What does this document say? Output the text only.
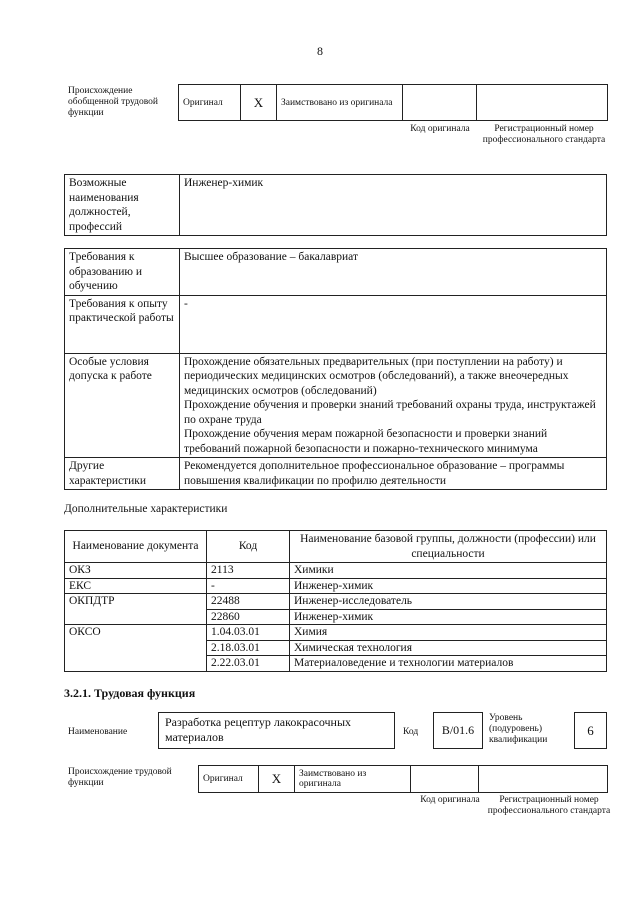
8
Происхождение обобщенной трудовой функции
Оригинал	X	Заимствовано из оригинала
Код оригинала	Регистрационный номер профессионального стандарта
Возможные наименования должностей, профессий	Инженер-химик
Требования к образованию и обучению	Высшее образование – бакалавриат
Требования к опыту практической работы	-
Особые условия допуска к работе	Прохождение обязательных предварительных (при поступлении на работу) и периодических медицинских осмотров (обследований), а также внеочередных медицинских осмотров (обследований)
Прохождение обучения и проверки знаний требований охраны труда, инструктажей по охране труда
Прохождение обучения мерам пожарной безопасности и проверки знаний требований пожарной безопасности и пожарно-технического минимума
Другие характеристики	Рекомендуется дополнительное профессиональное образование – программы повышения квалификации по профилю деятельности
Дополнительные характеристики
Наименование документа	Код	Наименование базовой группы, должности (профессии) или специальности
ОКЗ	2113	Химики
ЕКС	-	Инженер-химик
ОКПДТР	22488	Инженер-исследователь
	22860	Инженер-химик
ОКСО	1.04.03.01	Химия
	2.18.03.01	Химическая технология
	2.22.03.01	Материаловедение и технологии материалов
3.2.1. Трудовая функция
Наименование
Разработка рецептур лакокрасочных материалов	Код B/01.6
Уровень (подуровень) квалификации
6
Происхождение трудовой функции	Оригинал	X	Заимствовано из оригинала
Код оригинала	Регистрационный номер профессионального стандарта
